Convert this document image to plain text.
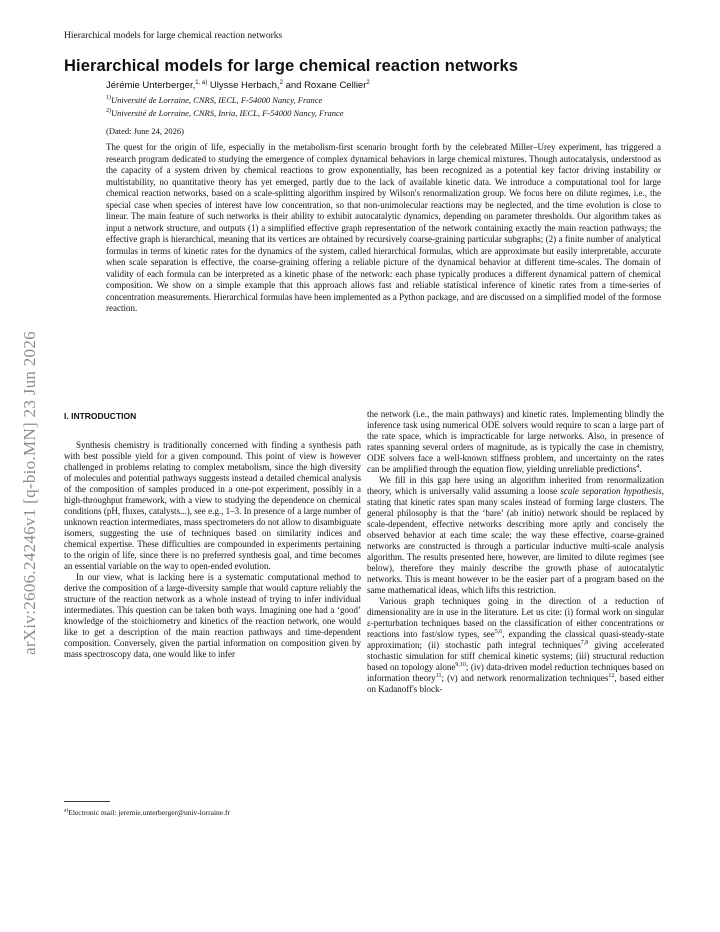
Hierarchical models for large chemical reaction networks
Hierarchical models for large chemical reaction networks
Jérémie Unterberger,$^{1, a)}$ Ulysse Herbach,$^2$ and Roxane Cellier$^2$
$^{1)}$Université de Lorraine, CNRS, IECL, F-54000 Nancy, France
$^{2)}$Université de Lorraine, CNRS, Inria, IECL, F-54000 Nancy, France
(Dated: June 24, 2026)

The quest for the origin of life, especially in the metabolism-first scenario brought forth by the celebrated Miller–Urey experiment, has triggered a research program dedicated to studying the emergence of complex dynamical behaviors in large chemical mixtures. Though autocatalysis, understood as the capacity of a system driven by chemical reactions to grow exponentially, has been recognized as a potential key factor driving instability or multistability, no quantitative theory has yet emerged, partly due to the lack of available kinetic data. We introduce a computational tool for large chemical reaction networks, based on a scale-splitting algorithm inspired by Wilson's renormalization group. We focus here on dilute regimes, i.e., the special case when species of interest have low concentration, so that non-unimolecular reactions may be neglected, and the time evolution is close to linear. The main feature of such networks is their ability to exhibit autocatalytic dynamics, depending on parameter thresholds. Our algorithm takes as input a network structure, and outputs (1) a simplified effective graph representation of the network containing exactly the main reaction pathways; the effective graph is hierarchical, meaning that its vertices are obtained by recursively coarse-graining particular subgraphs; (2) a finite number of analytical formulas in terms of kinetic rates for the dynamics of the system, called hierarchical formulas, which are approximate but easily interpretable, accurate when scale separation is effective, the coarse-graining offering a reliable picture of the dynamical behavior at different time-scales. The domain of validity of each formula can be interpreted as a kinetic phase of the network: each phase typically produces a different dynamical pattern of chemical composition. We show on a simple example that this approach allows fast and reliable statistical inference of kinetic rates from a time-series of concentration measurements. Hierarchical formulas have been implemented as a Python package, and are discussed on a simplified model of the formose reaction.

arXiv:2606.24246v1 [q-bio.MN] 23 Jun 2026	I. INTRODUCTION

Synthesis chemistry is traditionally concerned with finding a synthesis path with best possible yield for a given compound. This point of view is however challenged in problems relating to complex metabolism, since the high diversity of molecules and potential pathways suggests instead a detailed chemical analysis of the composition of samples produced in a one-pot experiment, possibly in a high-throughput framework, with a view to studying the dependence on chemical conditions (pH, fluxes, catalysts...), see e.g., 1–3. In presence of a large number of unknown reaction intermediates, mass spectrometers do not allow to disambiguate isomers, suggesting the use of techniques based on similarity indices and chemical expertise. These difficulties are compounded in experiments pertaining to the origin of life, since there is no preferred synthesis goal, and time becomes an essential variable on the way to open-ended evolution.

In our view, what is lacking here is a systematic computational method to derive the composition of a large-diversity sample that would capture reliably the structure of the reaction network as a whole instead of trying to infer individual intermediates. This question can be taken both ways. Imagining one had a ‘good’ knowledge of the stoichiometry and kinetics of the reaction network, one would like to get a description of the main reaction pathways and time-dependent composition. Conversely, given the partial information on composition given by mass spectroscopy data, one would like to infer

the network (i.e., the main pathways) and kinetic rates. Implementing blindly the inference task using numerical ODE solvers would require to scan a large part of the rate space, which is impracticable for large networks. Also, in presence of rates spanning several orders of magnitude, as is typically the case in chemistry, ODE solvers face a well-known stiffness problem, and uncertainty on the rates can be amplified through the equation flow, yielding unreliable predictions$^4$.

We fill in this gap here using an algorithm inherited from renormalization theory, which is universally valid assuming a loose scale separation hypothesis, stating that kinetic rates span many scales instead of forming large clusters. The general philosophy is that the ‘bare’ (ab initio) network should be replaced by scale-dependent, effective networks describing more aptly and concisely the observed behavior at each time scale; the way these effective, coarse-grained networks are constructed is through a particular inductive multi-scale analysis algorithm. The results presented here, however, are limited to dilute regimes (see below), therefore they mainly describe the growth phase of autocatalytic networks. This is meant however to be the easier part of a program based on the same mathematical ideas, which lifts this restriction.

Various graph techniques going in the direction of a reduction of dimensionality are in use in the literature. Let us cite: (i) formal work on singular ε-perturbation techniques based on the classification of either concentrations or reactions into fast/slow types, see$^{5,6}$, expanding the classical quasi-steady-state approximation; (ii) stochastic path integral techniques$^{7,8}$ giving accelerated stochastic simulation for stiff chemical kinetic systems; (iii) structural reduction based on topology alone$^{9,10}$; (iv) data-driven model reduction techniques based on information theory$^{11}$; (v) and network renormalization techniques$^{12}$, based either on Kadanoff's block-

$^{a)}$Electronic mail: jeremie.unterberger@univ-lorraine.fr
